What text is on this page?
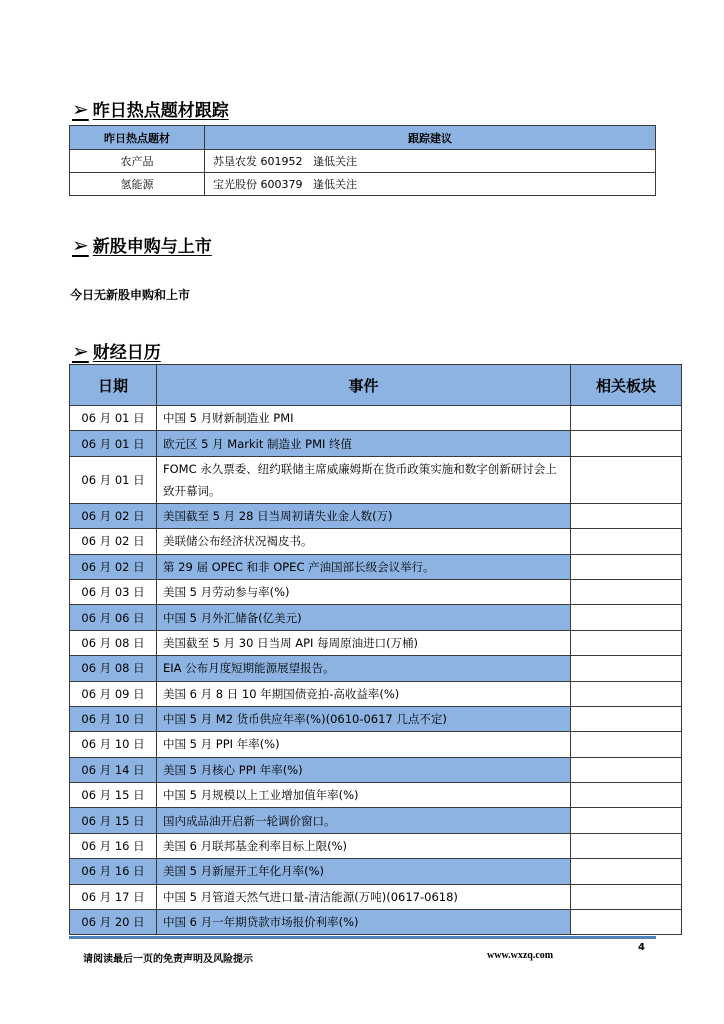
➢ 昨日热点题材跟踪
昨日热点题材	跟踪建议
农产品	苏垦农发 601952   逢低关注
氢能源	宝光股份 600379   逢低关注
➢ 新股申购与上市
今日无新股申购和上市
➢ 财经日历
日期	事件	相关板块
06 月 01 日	中国 5 月财新制造业 PMI	
06 月 01 日	欧元区 5 月 Markit 制造业 PMI 终值	
06 月 01 日	FOMC 永久票委、纽约联储主席威廉姆斯在货币政策实施和数字创新研讨会上致开幕词。	
06 月 02 日	美国截至 5 月 28 日当周初请失业金人数(万)	
06 月 02 日	美联储公布经济状况褐皮书。	
06 月 02 日	第 29 届 OPEC 和非 OPEC 产油国部长级会议举行。	
06 月 03 日	美国 5 月劳动参与率(%)	
06 月 06 日	中国 5 月外汇储备(亿美元)	
06 月 08 日	美国截至 5 月 30 日当周 API 每周原油进口(万桶)	
06 月 08 日	EIA 公布月度短期能源展望报告。	
06 月 09 日	美国 6 月 8 日 10 年期国债竞拍-高收益率(%)	
06 月 10 日	中国 5 月 M2 货币供应年率(%)(0610-0617 几点不定)	
06 月 10 日	中国 5 月 PPI 年率(%)	
06 月 14 日	美国 5 月核心 PPI 年率(%)	
06 月 15 日	中国 5 月规模以上工业增加值年率(%)	
06 月 15 日	国内成品油开启新一轮调价窗口。	
06 月 16 日	美国 6 月联邦基金利率目标上限(%)	
06 月 16 日	美国 5 月新屋开工年化月率(%)	
06 月 17 日	中国 5 月管道天然气进口量-清洁能源(万吨)(0617-0618)	
06 月 20 日	中国 6 月一年期贷款市场报价利率(%)	
4
请阅读最后一页的免责声明及风险提示	www.wxzq.com
